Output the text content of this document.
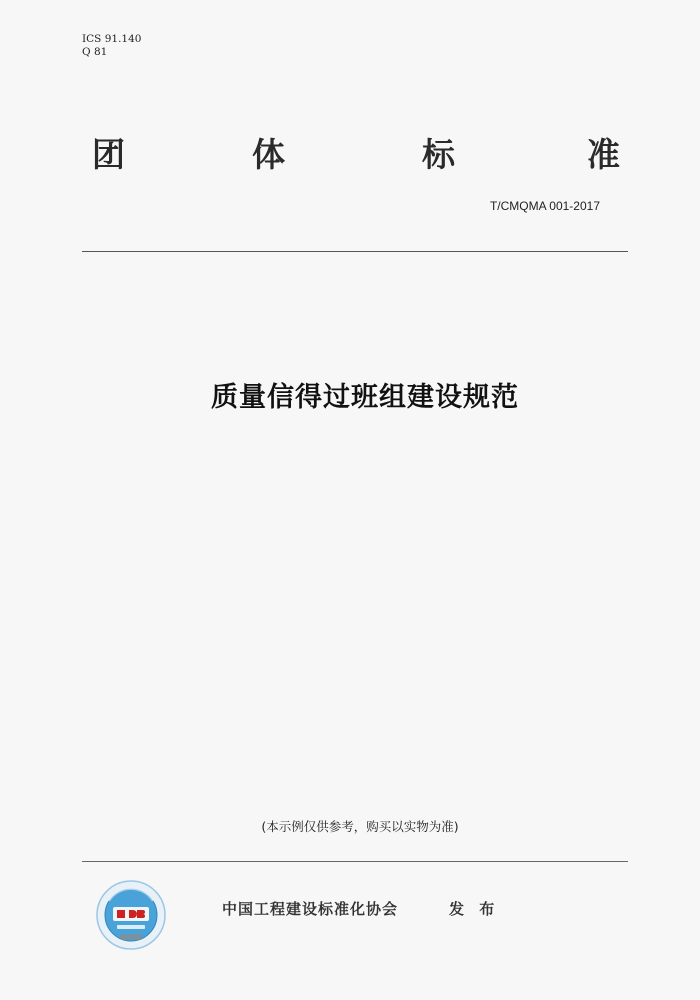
ICS 91.140
Q 81
团	体	标	准
T/CMQMA 001-2017
质量信得过班组建设规范
(本示例仅供参考，购买以实物为准)
中国工程建设标准化协会	发 布
